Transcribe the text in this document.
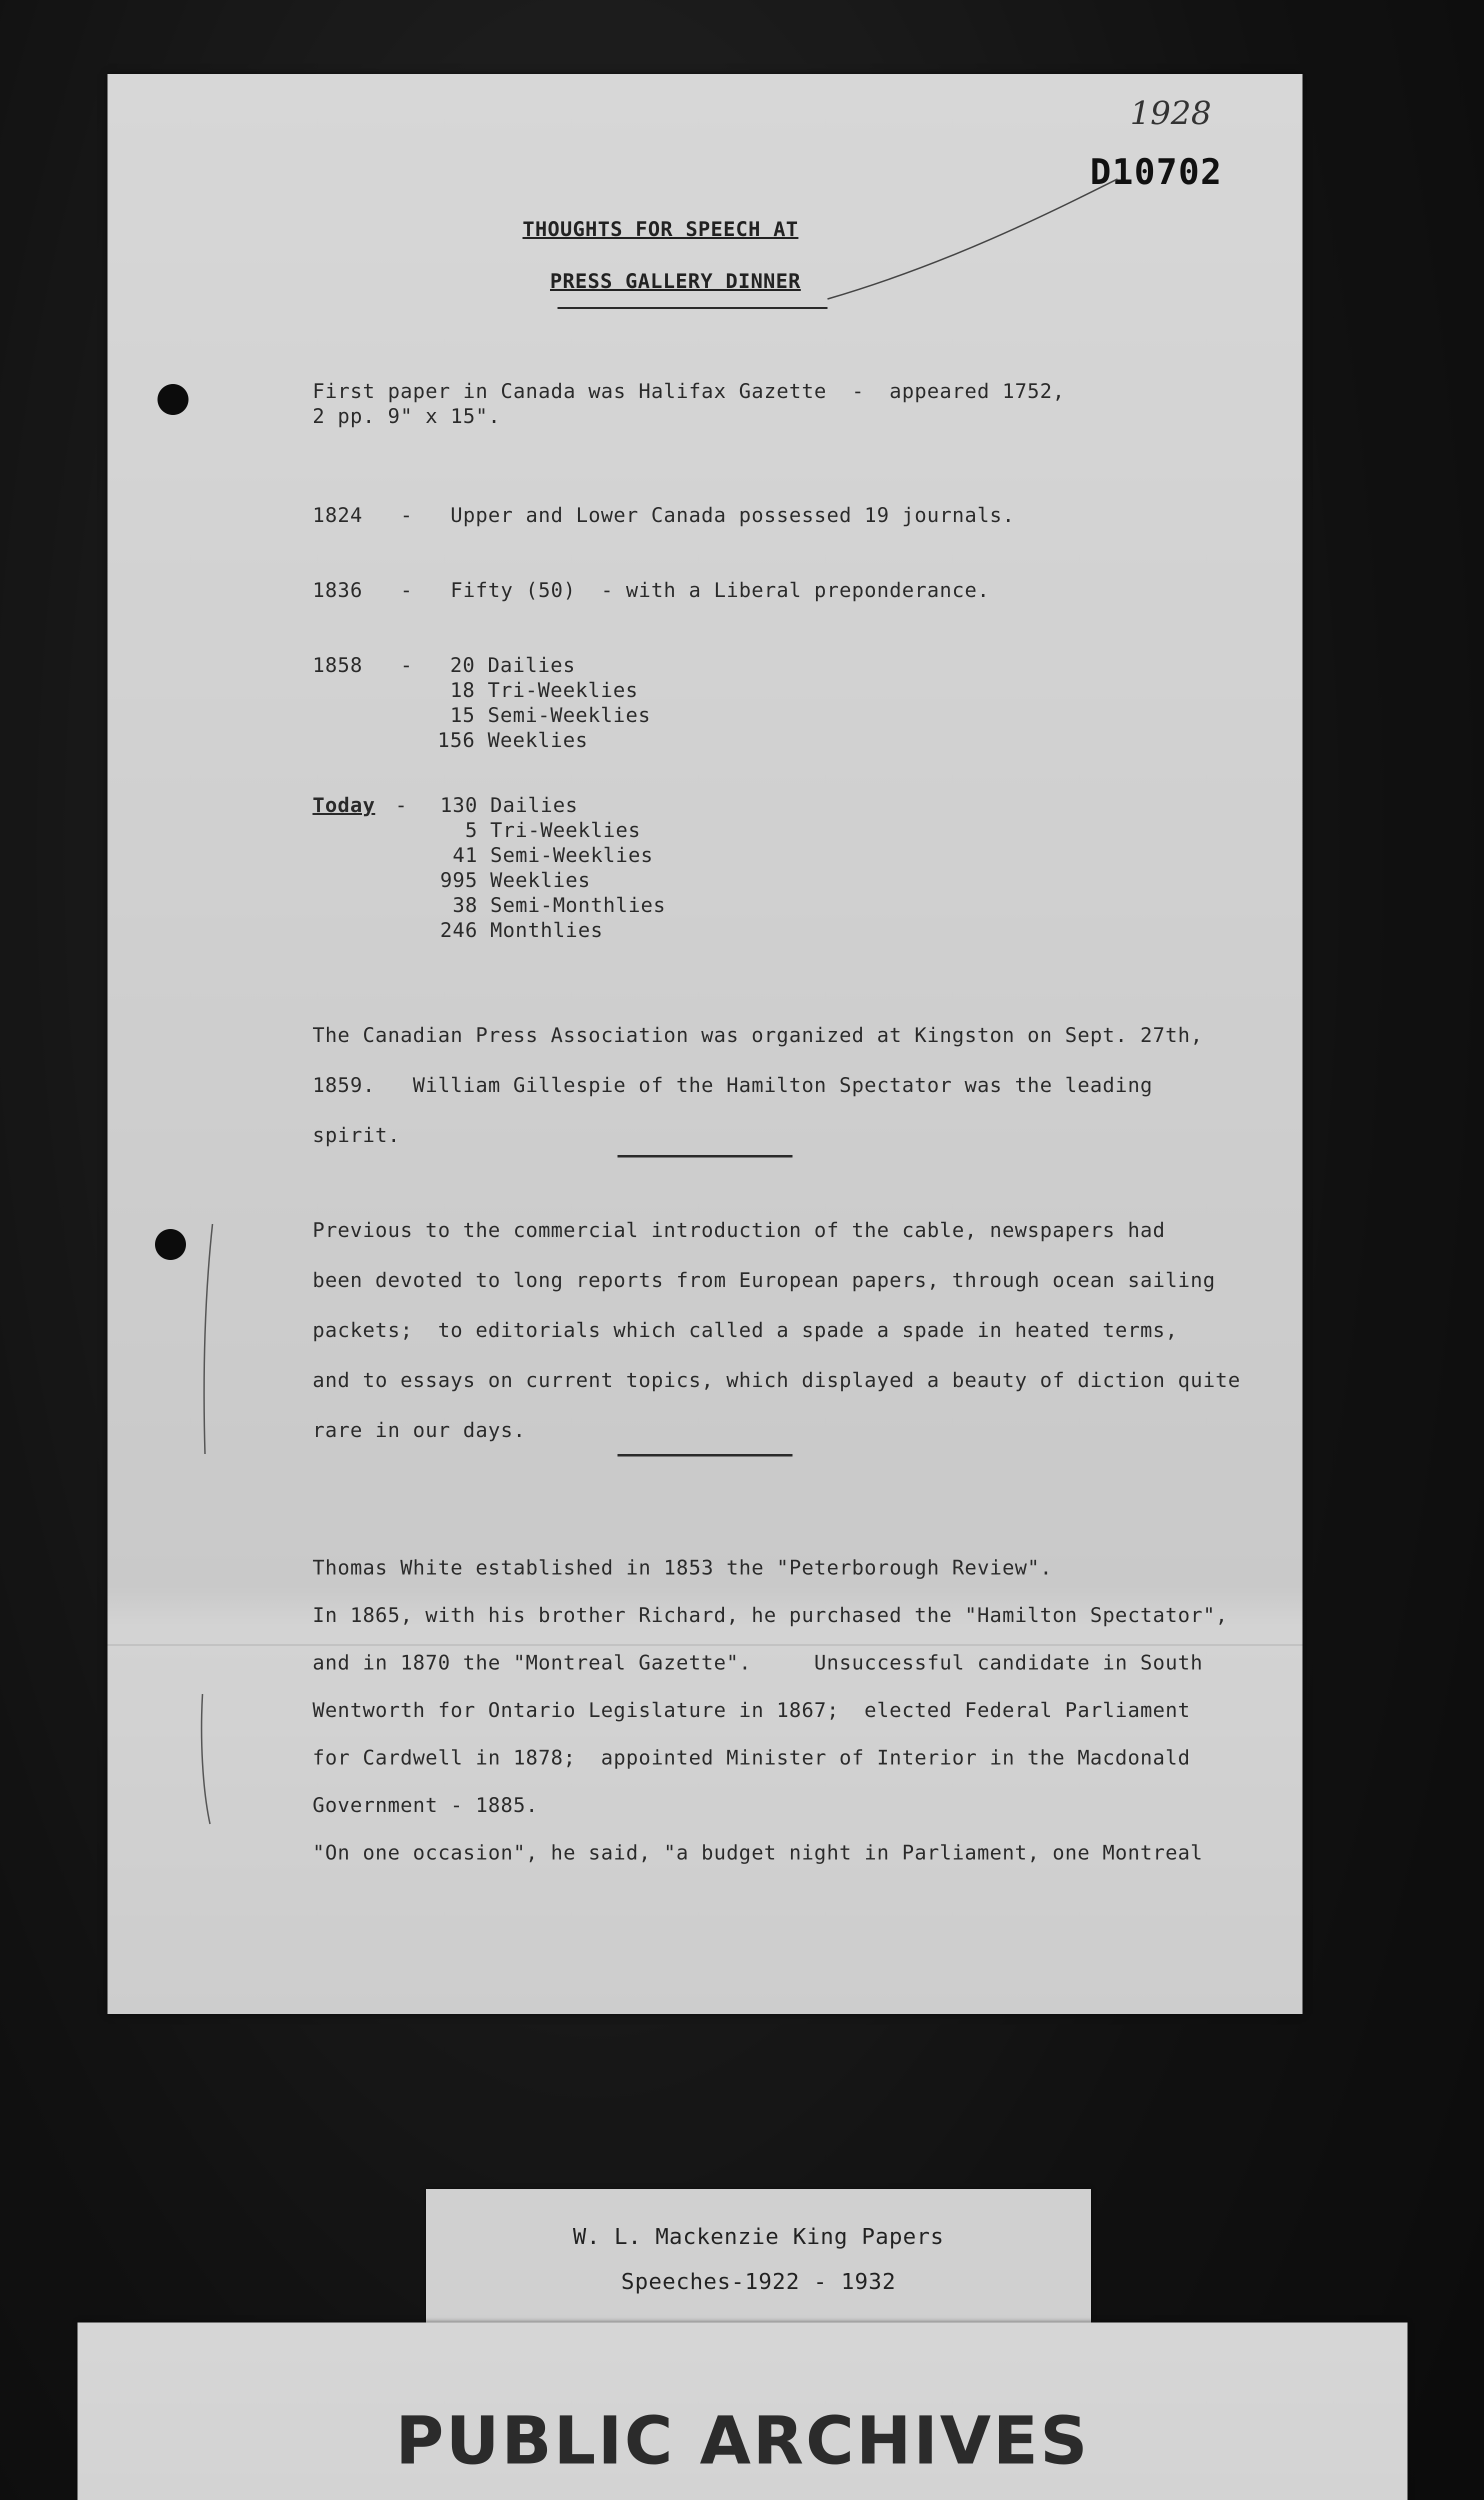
1928
D10702
THOUGHTS FOR SPEECH AT
PRESS GALLERY DINNER
First paper in Canada was Halifax Gazette  -  appeared 1752,
2 pp. 9" x 15".
1824   -   Upper and Lower Canada possessed 19 journals.
1836   -   Fifty (50)  - with a Liberal preponderance.
1858   - 20 Dailies
18 Tri-Weeklies
15 Semi-Weeklies
156 Weeklies
Today - 130 Dailies
5 Tri-Weeklies
41 Semi-Weeklies
995 Weeklies
38 Semi-Monthlies
246 Monthlies
The Canadian Press Association was organized at Kingston on Sept. 27th,
1859.   William Gillespie of the Hamilton Spectator was the leading
spirit.
Previous to the commercial introduction of the cable, newspapers had
been devoted to long reports from European papers, through ocean sailing
packets;  to editorials which called a spade a spade in heated terms,
and to essays on current topics, which displayed a beauty of diction quite
rare in our days.
Thomas White established in 1853 the "Peterborough Review".
In 1865, with his brother Richard, he purchased the "Hamilton Spectator",
and in 1870 the "Montreal Gazette".     Unsuccessful candidate in South
Wentworth for Ontario Legislature in 1867;  elected Federal Parliament
for Cardwell in 1878;  appointed Minister of Interior in the Macdonald
Government - 1885.
"On one occasion", he said, "a budget night in Parliament, one Montreal
W. L. Mackenzie King Papers
Speeches-1922 - 1932
PUBLIC ARCHIVES
